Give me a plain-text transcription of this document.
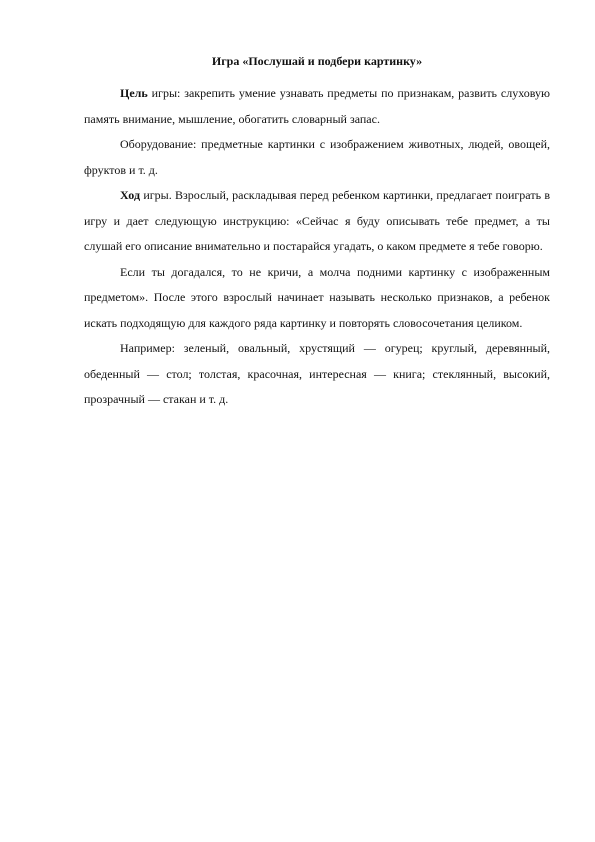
Игра «Послушай и подбери картинку»

Цель игры: закрепить умение узнавать предметы по признакам, развить слуховую память внимание, мышление, обогатить словарный запас.

Оборудование: предметные картинки с изображением животных, людей, овощей, фруктов и т. д.

Ход игры. Взрослый, раскладывая перед ребенком картинки, предлагает поиграть в игру и дает следующую инструкцию: «Сейчас я буду описывать тебе предмет, а ты слушай его описание внимательно и постарайся угадать, о каком предмете я тебе говорю.

Если ты догадался, то не кричи, а молча подними картинку с изображенным предметом». После этого взрослый начинает называть несколько признаков, а ребенок искать подходящую для каждого ряда картинку и повторять словосочетания целиком.

Например: зеленый, овальный, хрустящий — огурец; круглый, деревянный, обеденный — стол; толстая, красочная, интересная — книга; стеклянный, высокий, прозрачный — стакан и т. д.
